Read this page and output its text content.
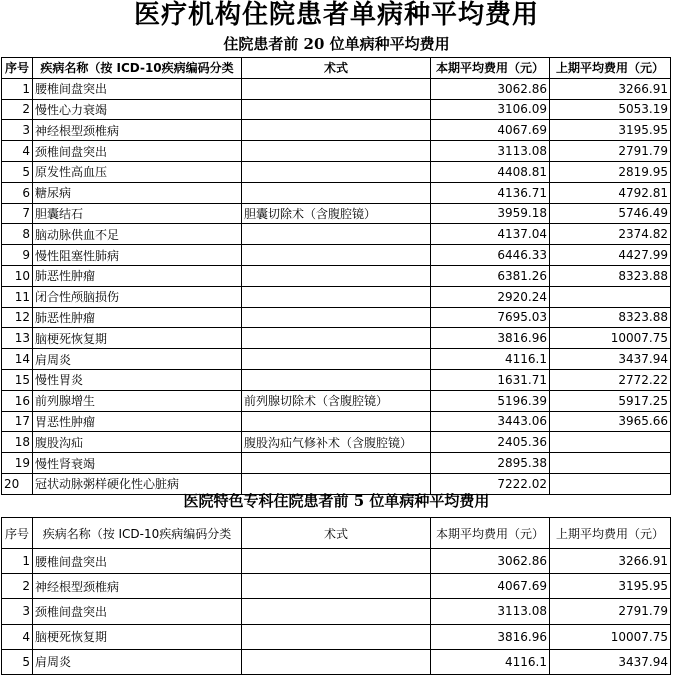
医疗机构住院患者单病种平均费用
住院患者前 20 位单病种平均费用
序号	疾病名称（按 ICD-10疾病编码分类	术式	本期平均费用（元）	上期平均费用（元）
1	腰椎间盘突出		3062.86	3266.91
2	慢性心力衰竭		3106.09	5053.19
3	神经根型颈椎病		4067.69	3195.95
4	颈椎间盘突出		3113.08	2791.79
5	原发性高血压		4408.81	2819.95
6	糖尿病		4136.71	4792.81
7	胆囊结石	胆囊切除术（含腹腔镜）	3959.18	5746.49
8	脑动脉供血不足		4137.04	2374.82
9	慢性阻塞性肺病		6446.33	4427.99
10	肺恶性肿瘤		6381.26	8323.88
11	闭合性颅脑损伤		2920.24	
12	肺恶性肿瘤		7695.03	8323.88
13	脑梗死恢复期		3816.96	10007.75
14	肩周炎		4116.1	3437.94
15	慢性胃炎		1631.71	2772.22
16	前列腺增生	前列腺切除术（含腹腔镜）	5196.39	5917.25
17	胃恶性肿瘤		3443.06	3965.66
18	腹股沟疝	腹股沟疝气修补术（含腹腔镜）	2405.36	
19	慢性肾衰竭		2895.38	
20	冠状动脉粥样硬化性心脏病		7222.02	
医院特色专科住院患者前 5 位单病种平均费用
序号	疾病名称（按 ICD-10疾病编码分类	术式	本期平均费用（元）	上期平均费用（元）
1	腰椎间盘突出		3062.86	3266.91
2	神经根型颈椎病		4067.69	3195.95
3	颈椎间盘突出		3113.08	2791.79
4	脑梗死恢复期		3816.96	10007.75
5	肩周炎		4116.1	3437.94
